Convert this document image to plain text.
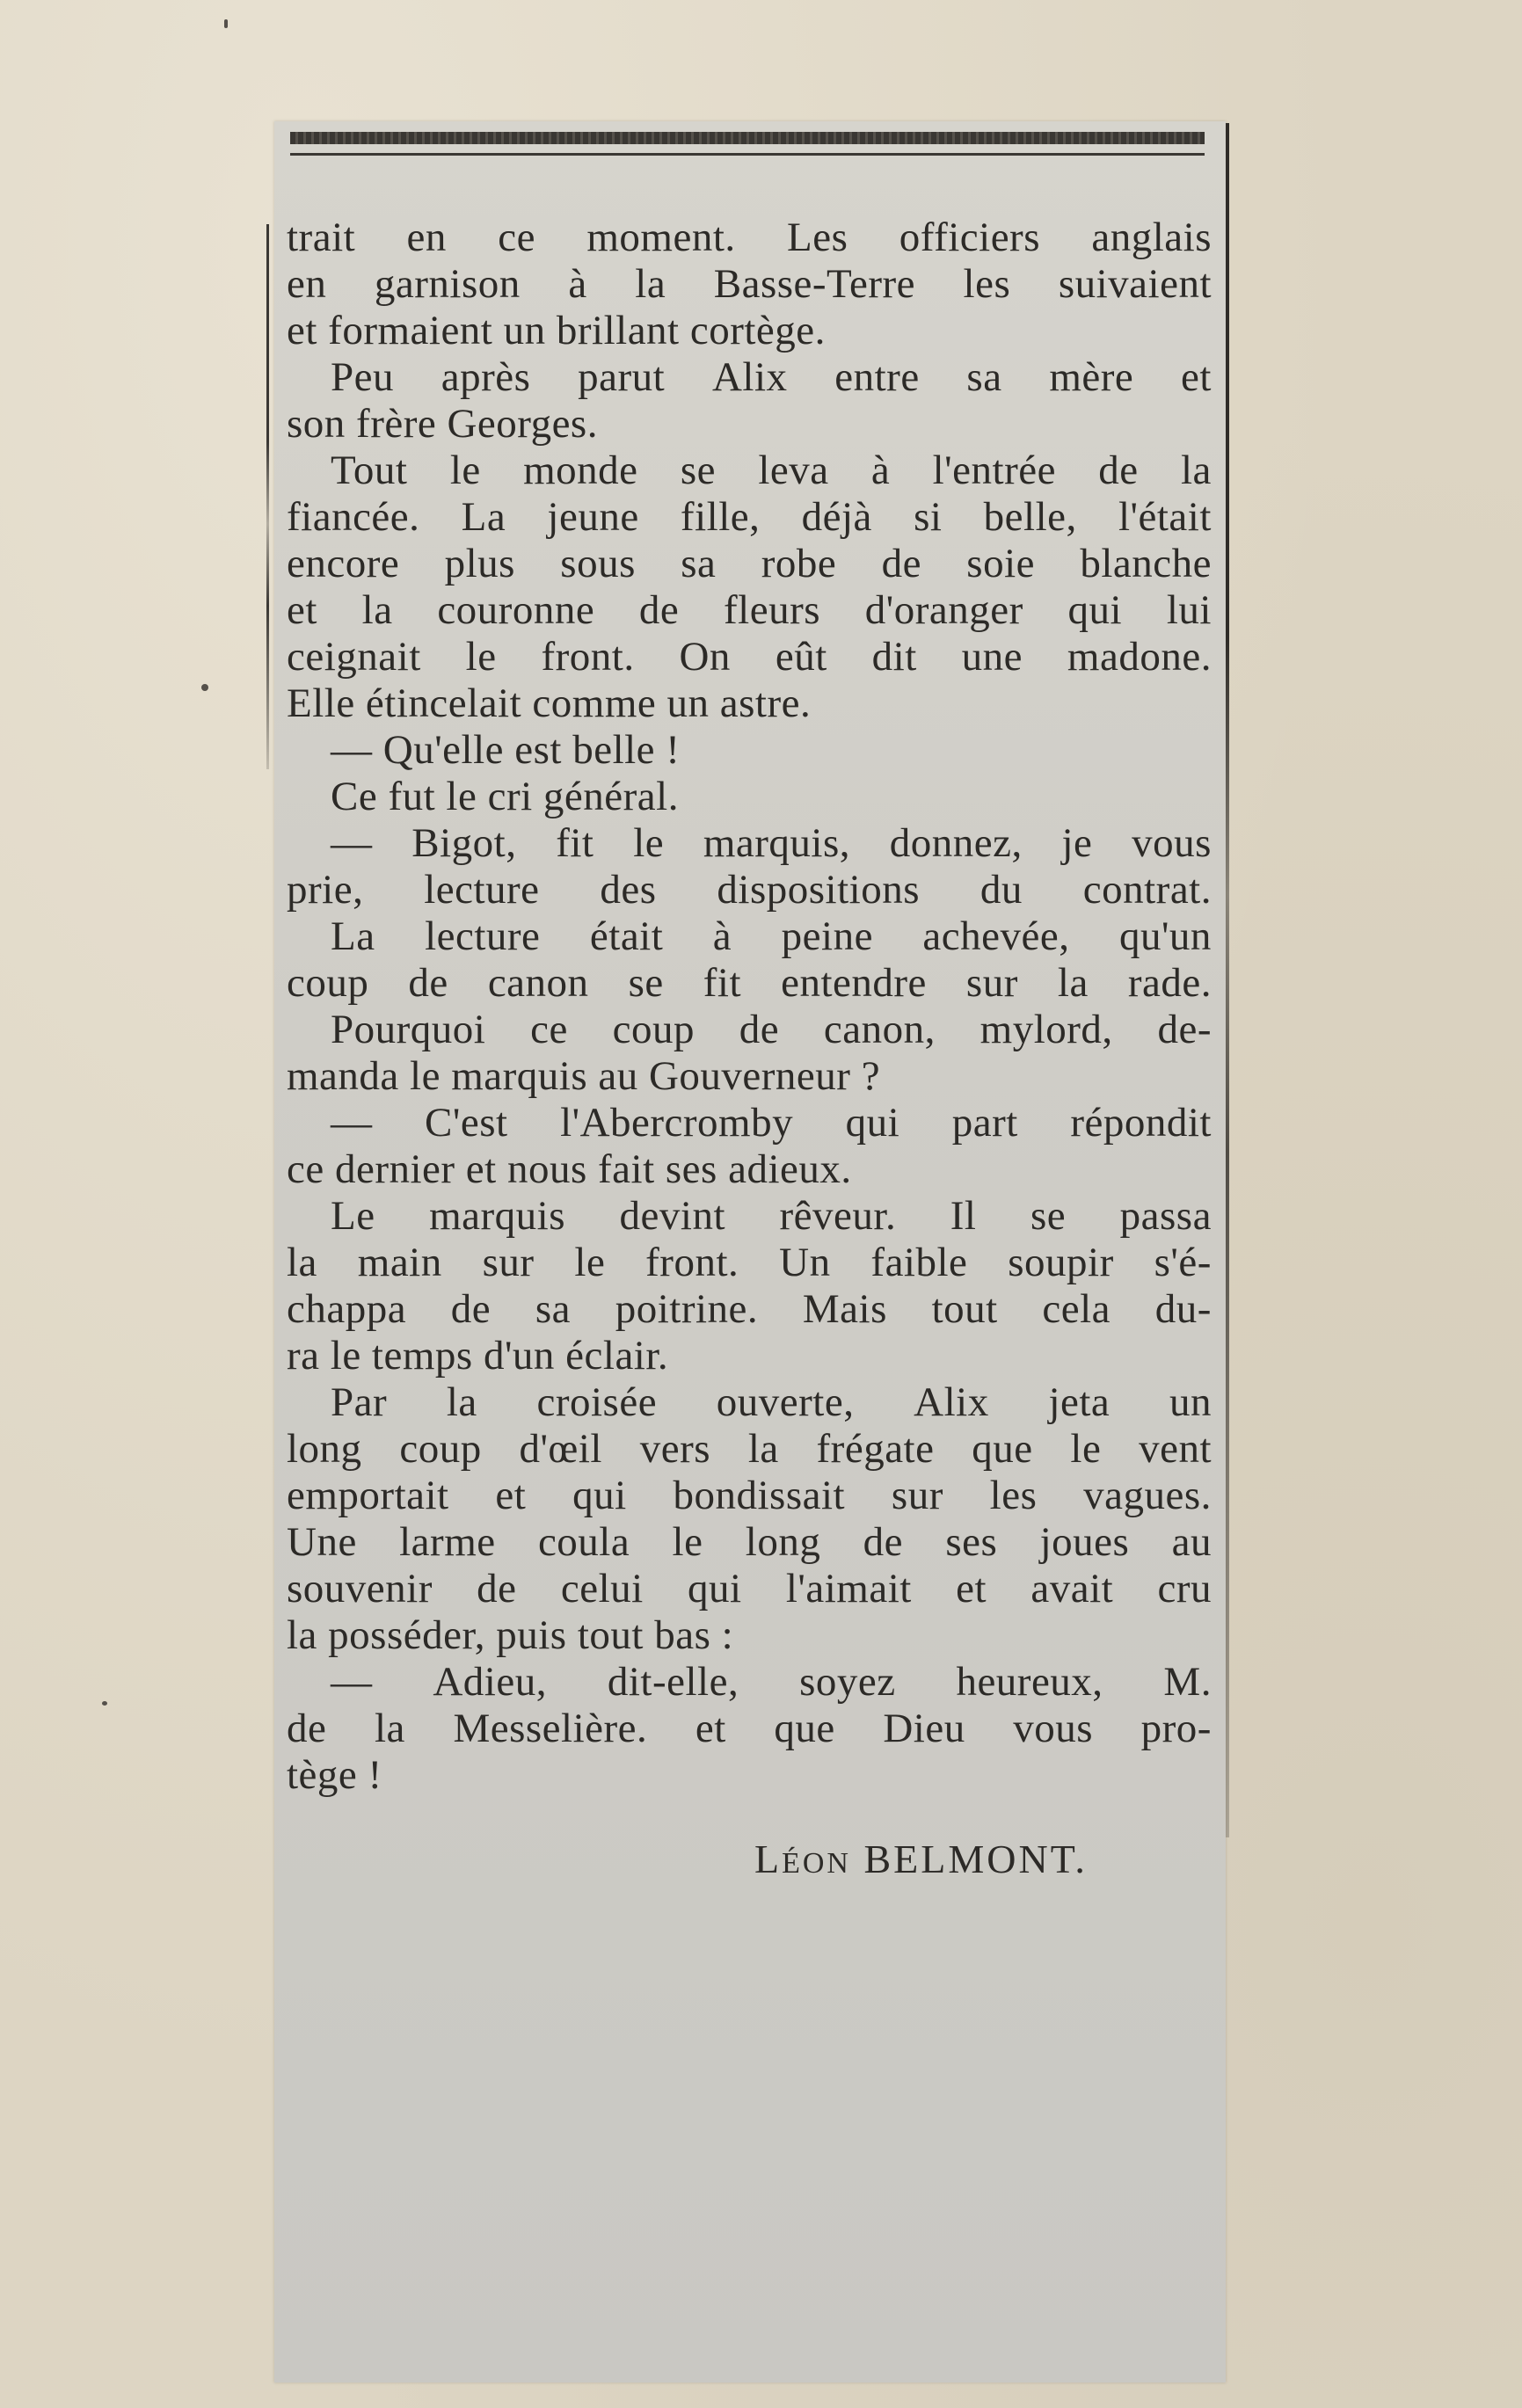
trait en ce moment. Les officiers anglais
en garnison à la Basse-Terre les suivaient
et formaient un brillant cortège.
Peu après parut Alix entre sa mère et
son frère Georges.
Tout le monde se leva à l'entrée de la
fiancée. La jeune fille, déjà si belle, l'était
encore plus sous sa robe de soie blanche
et la couronne de fleurs d'oranger qui lui
ceignait le front. On eût dit une madone.
Elle étincelait comme un astre.
— Qu'elle est belle !
Ce fut le cri général.
— Bigot, fit le marquis, donnez, je vous
prie, lecture des dispositions du contrat.
La lecture était à peine achevée, qu'un
coup de canon se fit entendre sur la rade.
Pourquoi ce coup de canon, mylord, de-
manda le marquis au Gouverneur ?
— C'est l'Abercromby qui part répondit
ce dernier et nous fait ses adieux.
Le marquis devint rêveur. Il se passa
la main sur le front. Un faible soupir s'é-
chappa de sa poitrine. Mais tout cela du-
ra le temps d'un éclair.
Par la croisée ouverte, Alix jeta un
long coup d'œil vers la frégate que le vent
emportait et qui bondissait sur les vagues.
Une larme coula le long de ses joues au
souvenir de celui qui l'aimait et avait cru
la posséder, puis tout bas :
— Adieu, dit-elle, soyez heureux, M.
de la Messelière. et que Dieu vous pro-
tège !
LÉON BELMONT.
